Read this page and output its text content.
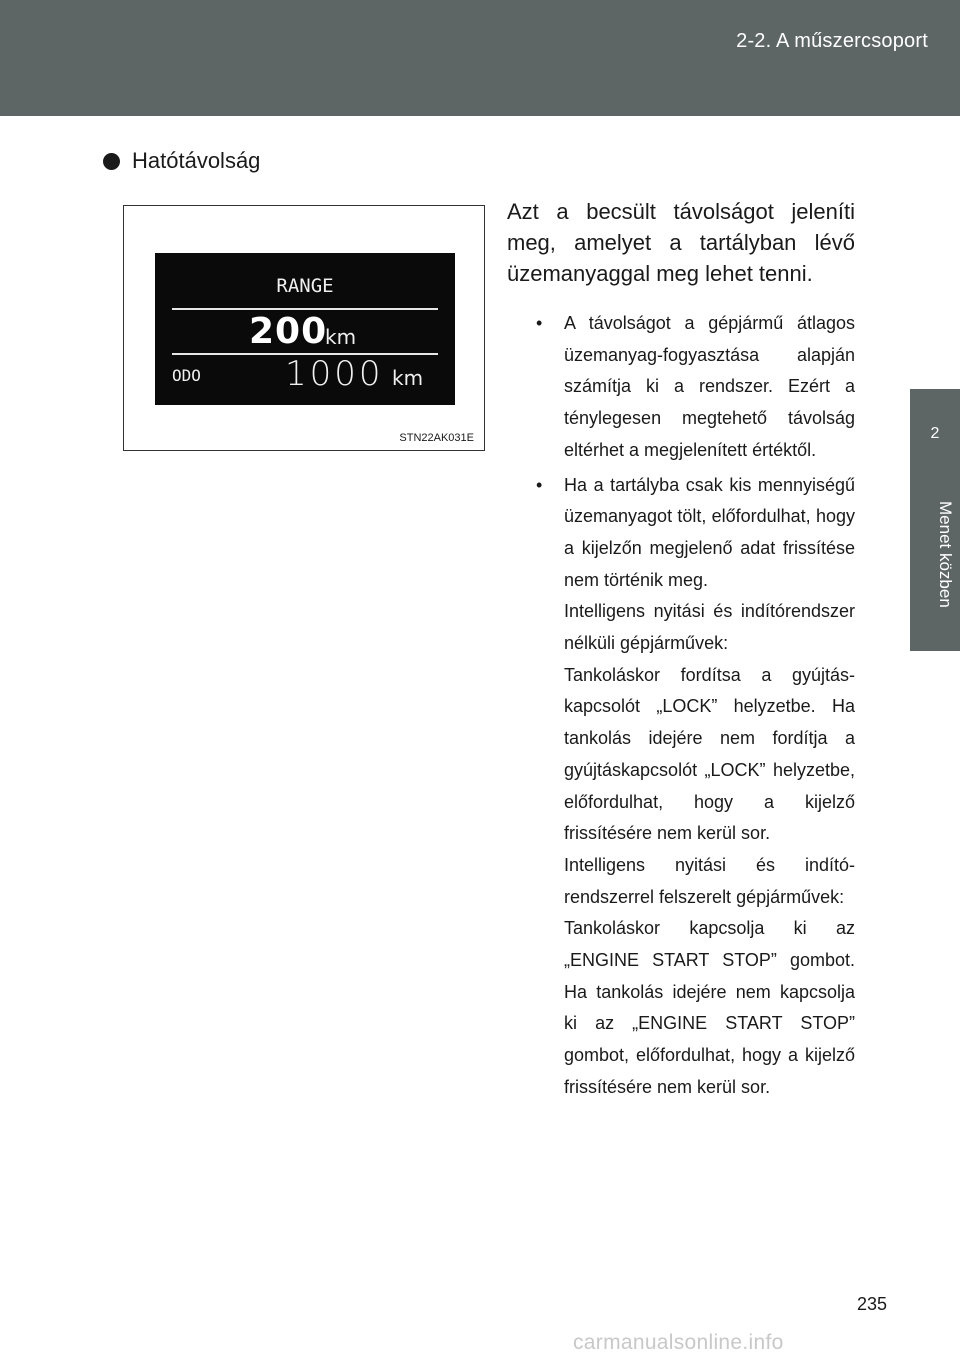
2-2. A műszercsoport
2
Menet közben
Hatótávolság
RANGE
200
km
ODO 1000 km
STN22AK031E
Azt a becsült távolságot jeleníti meg, amelyet a tartályban lévő üzemanyaggal meg lehet tenni.
• A távolságot a gépjármű átlagos üzemanyag-fogyasztása alapján számítja ki a rendszer. Ezért a ténylegesen megtehető távolság eltérhet a megjelenített értéktől.
• Ha a tartályba csak kis mennyiségű üzemanyagot tölt, előfordulhat, hogy a kijelzőn megjelenő adat frissítése nem történik meg.
Intelligens nyitási és indítórendszer nélküli gépjárművek:
Tankoláskor fordítsa a gyújtáskapcsolót „LOCK” helyzetbe. Ha tankolás idejére nem fordítja a gyújtáskapcsolót „LOCK” helyzetbe, előfordulhat, hogy a kijelző frissítésére nem kerül sor.
Intelligens nyitási és indítórendszerrel felszerelt gépjárművek:
Tankoláskor kapcsolja ki az „ENGINE START STOP” gombot. Ha tankolás idejére nem kapcsolja ki az „ENGINE START STOP” gombot, előfordulhat, hogy a kijelző frissítésére nem kerül sor.
235
carmanualsonline.info
